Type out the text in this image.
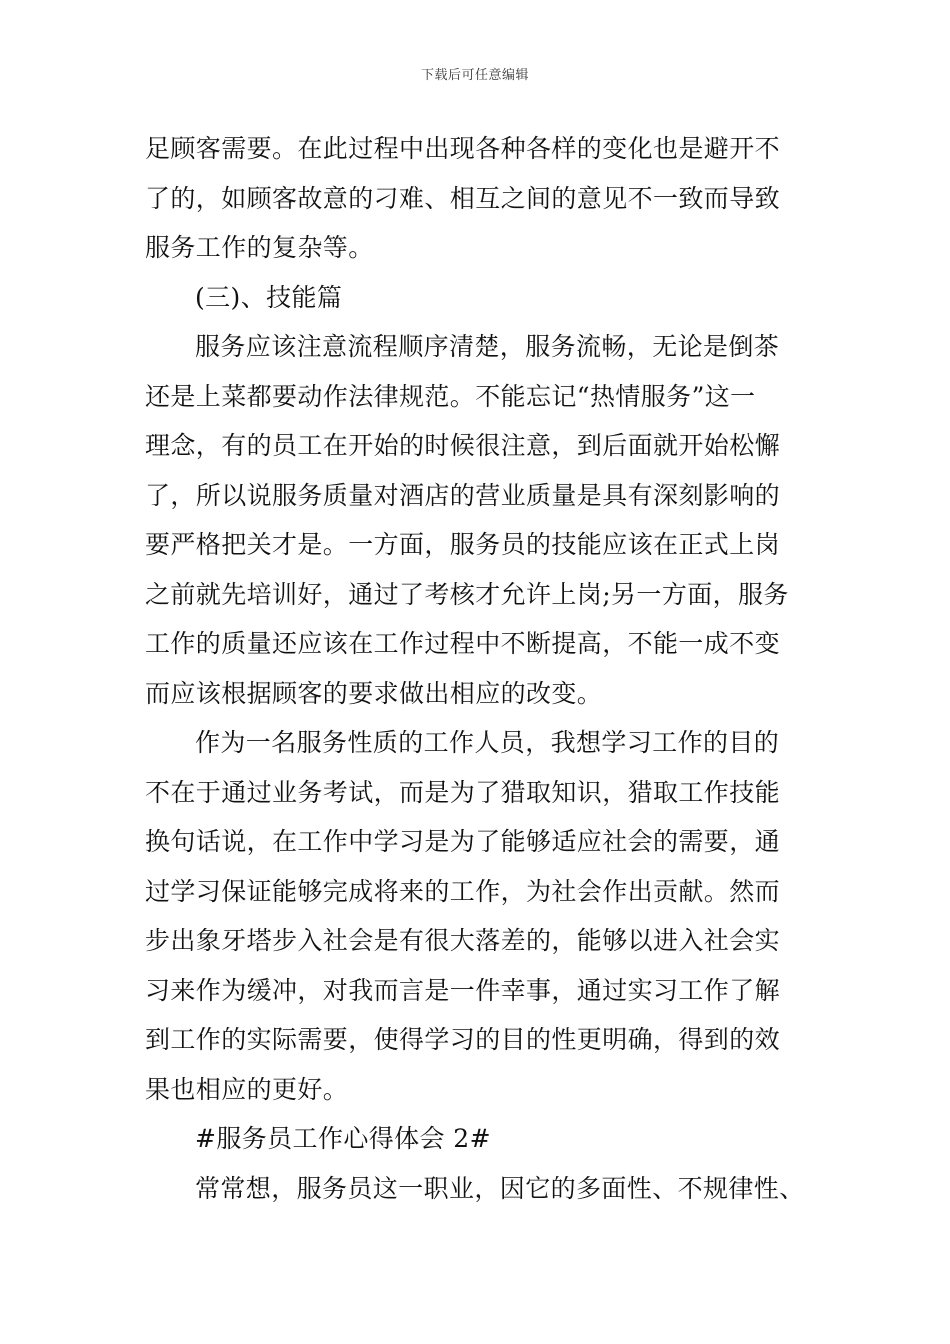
下载后可任意编辑
足顾客需要。在此过程中出现各种各样的变化也是避开不
了的，如顾客故意的刁难、相互之间的意见不一致而导致
服务工作的复杂等。
(三)、技能篇
服务应该注意流程顺序清楚，服务流畅，无论是倒茶
还是上菜都要动作法律规范。不能忘记“热情服务”这一
理念，有的员工在开始的时候很注意，到后面就开始松懈
了，所以说服务质量对酒店的营业质量是具有深刻影响的
要严格把关才是。一方面，服务员的技能应该在正式上岗
之前就先培训好，通过了考核才允许上岗;另一方面，服务
工作的质量还应该在工作过程中不断提高，不能一成不变
而应该根据顾客的要求做出相应的改变。
作为一名服务性质的工作人员，我想学习工作的目的
不在于通过业务考试，而是为了猎取知识，猎取工作技能
换句话说，在工作中学习是为了能够适应社会的需要，通
过学习保证能够完成将来的工作，为社会作出贡献。然而
步出象牙塔步入社会是有很大落差的，能够以进入社会实
习来作为缓冲，对我而言是一件幸事，通过实习工作了解
到工作的实际需要，使得学习的目的性更明确，得到的效
果也相应的更好。
#服务员工作心得体会 2#
常常想，服务员这一职业，因它的多面性、不规律性、
